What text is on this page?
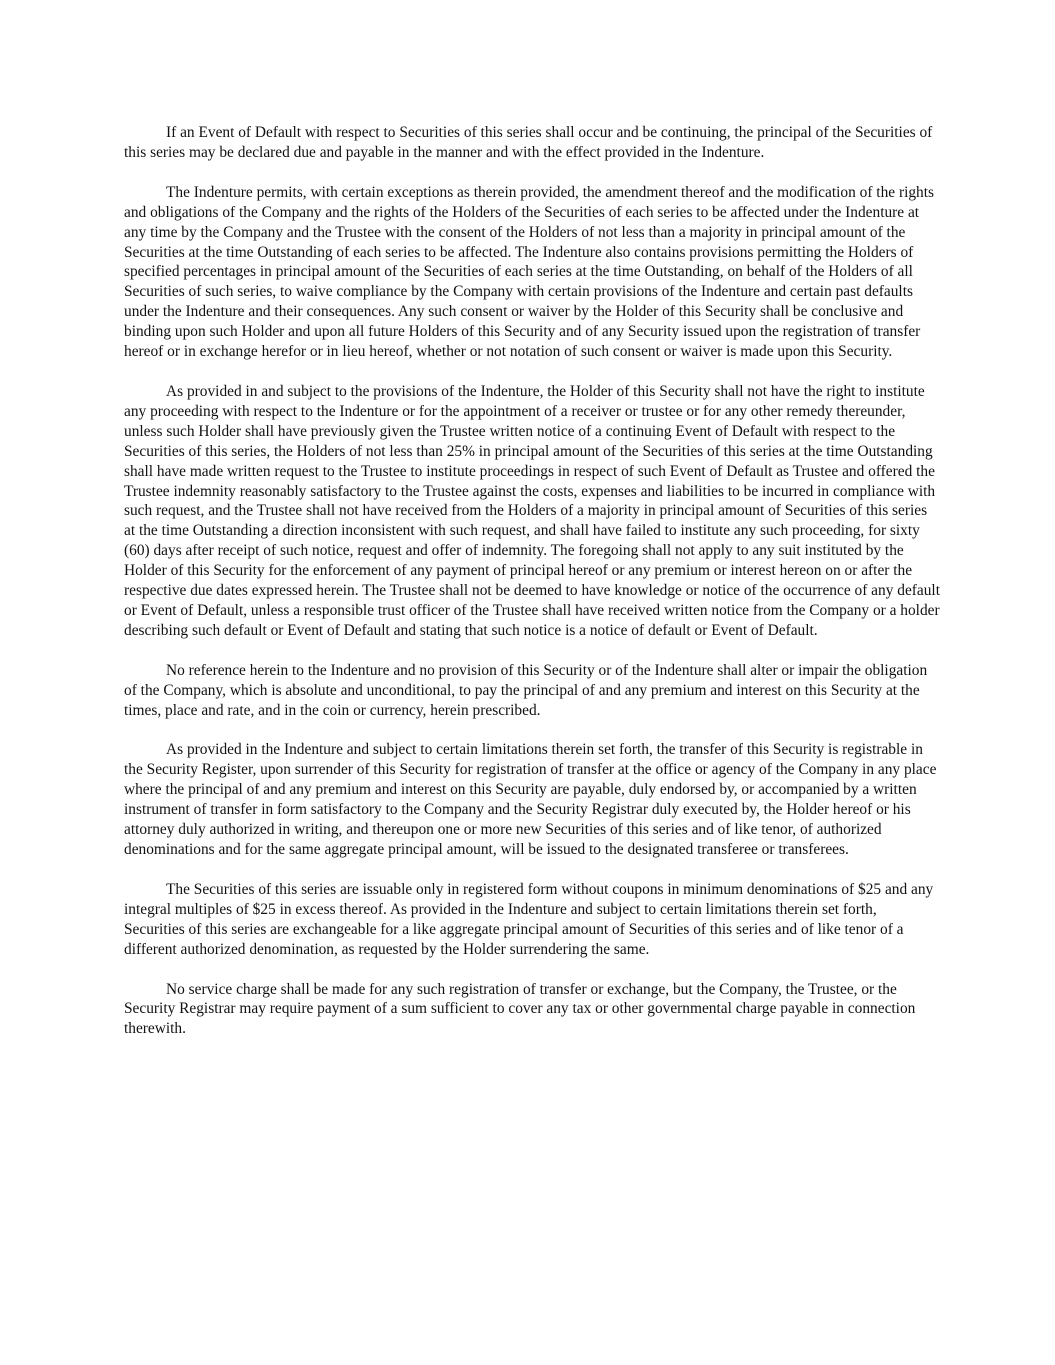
If an Event of Default with respect to Securities of this series shall occur and be continuing, the principal of the Securities of this series may be declared due and payable in the manner and with the effect provided in the Indenture.

The Indenture permits, with certain exceptions as therein provided, the amendment thereof and the modification of the rights and obligations of the Company and the rights of the Holders of the Securities of each series to be affected under the Indenture at any time by the Company and the Trustee with the consent of the Holders of not less than a majority in principal amount of the Securities at the time Outstanding of each series to be affected. The Indenture also contains provisions permitting the Holders of specified percentages in principal amount of the Securities of each series at the time Outstanding, on behalf of the Holders of all Securities of such series, to waive compliance by the Company with certain provisions of the Indenture and certain past defaults under the Indenture and their consequences. Any such consent or waiver by the Holder of this Security shall be conclusive and binding upon such Holder and upon all future Holders of this Security and of any Security issued upon the registration of transfer hereof or in exchange herefor or in lieu hereof, whether or not notation of such consent or waiver is made upon this Security.

As provided in and subject to the provisions of the Indenture, the Holder of this Security shall not have the right to institute any proceeding with respect to the Indenture or for the appointment of a receiver or trustee or for any other remedy thereunder, unless such Holder shall have previously given the Trustee written notice of a continuing Event of Default with respect to the Securities of this series, the Holders of not less than 25% in principal amount of the Securities of this series at the time Outstanding shall have made written request to the Trustee to institute proceedings in respect of such Event of Default as Trustee and offered the Trustee indemnity reasonably satisfactory to the Trustee against the costs, expenses and liabilities to be incurred in compliance with such request, and the Trustee shall not have received from the Holders of a majority in principal amount of Securities of this series at the time Outstanding a direction inconsistent with such request, and shall have failed to institute any such proceeding, for sixty (60) days after receipt of such notice, request and offer of indemnity. The foregoing shall not apply to any suit instituted by the Holder of this Security for the enforcement of any payment of principal hereof or any premium or interest hereon on or after the respective due dates expressed herein. The Trustee shall not be deemed to have knowledge or notice of the occurrence of any default or Event of Default, unless a responsible trust officer of the Trustee shall have received written notice from the Company or a holder describing such default or Event of Default and stating that such notice is a notice of default or Event of Default.

No reference herein to the Indenture and no provision of this Security or of the Indenture shall alter or impair the obligation of the Company, which is absolute and unconditional, to pay the principal of and any premium and interest on this Security at the times, place and rate, and in the coin or currency, herein prescribed.

As provided in the Indenture and subject to certain limitations therein set forth, the transfer of this Security is registrable in the Security Register, upon surrender of this Security for registration of transfer at the office or agency of the Company in any place where the principal of and any premium and interest on this Security are payable, duly endorsed by, or accompanied by a written instrument of transfer in form satisfactory to the Company and the Security Registrar duly executed by, the Holder hereof or his attorney duly authorized in writing, and thereupon one or more new Securities of this series and of like tenor, of authorized denominations and for the same aggregate principal amount, will be issued to the designated transferee or transferees.

The Securities of this series are issuable only in registered form without coupons in minimum denominations of $25 and any integral multiples of $25 in excess thereof. As provided in the Indenture and subject to certain limitations therein set forth, Securities of this series are exchangeable for a like aggregate principal amount of Securities of this series and of like tenor of a different authorized denomination, as requested by the Holder surrendering the same.

No service charge shall be made for any such registration of transfer or exchange, but the Company, the Trustee, or the Security Registrar may require payment of a sum sufficient to cover any tax or other governmental charge payable in connection therewith.
